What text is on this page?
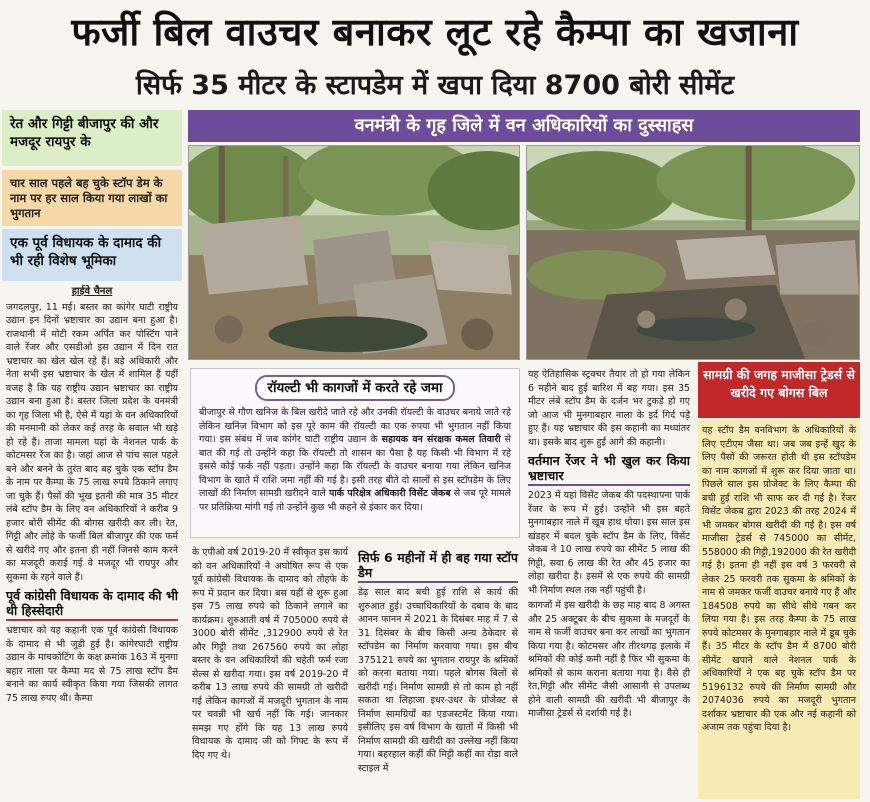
फर्जी बिल वाउचर बनाकर लूट रहे कैम्पा का खजाना
सिर्फ 35 मीटर के स्टापडेम में खपा दिया 8700 बोरी सीमेंट
वनमंत्री के गृह जिले में वन अधिकारियों का दुस्साहस
रेत और गिट्टी बीजापुर की और मजदूर रायपुर के
चार साल पहले बह चुके स्टॉप डेम के नाम पर हर साल किया गया लाखों का भुगतान
एक पूर्व विधायक के दामाद की भी रही विशेष भूमिका
हाईवे चैनल

जगदलपुर, 11 मई। बस्तर का कांगेर घाटी राष्ट्रीय उद्यान इन दिनों भ्रष्टाचार का उद्यान बना हुआ है। राजधानी में मोटी रकम अर्पित कर पोस्टिंग पाने वाले रेंजर और एसडीओ इस उद्यान में दिन रात भ्रष्टाचार का खेल खेल रहे हैं। बड़े अधिकारी और नेता सभी इस भ्रष्टाचार के खेल में शामिल हैं यहीं वजह है कि यह राष्ट्रीय उद्यान भ्रष्टाचार का राष्ट्रीय उद्यान बना हुआ है। बस्तर जिला प्रदेश के वनमंत्री का गृह जिला भी है, ऐसे में यहां के वन अधिकारियों की मनमानी को लेकर कई तरह के सवाल भी खड़े हो रहे हैं। ताजा मामला यहां के नेशनल पार्क के कोटमसर रेंज का है। जहां आज से पांच साल पहले बने और बनने के तुरंत बाद बह चुके एक स्टॉप डैम के नाम पर कैम्पा के 75 लाख रुपये ठिकाने लगाए जा चुके हैं। पैसों की भूख इतनी की मात्र 35 मीटर लंबे स्टॉप डैम के लिए वन अधिकारियों ने करीब 9 हजार बोरी सीमेंट की बोगस खरीदी कर ली। रेत, गिट्टी और लोहे के फर्जी बिल बीजापुर की एक फर्म से खरीदे गए और इतना ही नहीं जिनसे काम करने का मजदूरी कराई गई वे मजदूर भी रायपुर और सुकमा के रहने वाले हैं।

पूर्व कांग्रेसी विधायक के दामाद की भी थी हिस्सेदारी

भ्रष्टाचार को यह कहानी एक पूर्व कांग्रेसी विधायक के दामाद से भी जुड़ी हुई है। कांगेरघाटी राष्ट्रीय उद्यान के माचकोटिंग के कक्ष क्रमांक 163 में मुनगा बहार नाला पर कैम्पा मद से 75 लाख स्टॉप डैम बनाने का कार्य स्वीकृत किया गया जिसकी लागत 75 लाख रुपए थी। कैम्पा

रॉयल्टी भी कागजों में करते रहे जमा

बीजापुर से गौण खनिज के बिल खरीदे जाते रहे और उनकी रॉयल्टी के वाउचर बनाये जाते रहे लेकिन खनिज विभाग को इस पूरे काम की रॉयल्टी का एक रुपया भी भुगतान नहीं किया गया। इस संबंध में जब कांगेर घाटी राष्ट्रीय उद्यान के सहायक वन संरक्षक कमल तिवारी से बात की गई तो उन्होंने कहा कि रॉयल्टी तो शासन का पैसा है यह किसी भी विभाग में रहे इससे कोई फर्क नहीं पड़ता। उन्होंने कहा कि रॉयल्टी के वाउचर बनाया गया लेकिन खनिज विभाग के खाते में राशि जमा नहीं की गई है। इसी तरह बीते दो सालों से इस स्टॉपडेम के लिए लाखों की निर्माण सामग्री खरीदने वाले पार्क परिक्षेत्र अधिकारी विसेंट जेकब से जब पूरे मामले पर प्रतिक्रिया मांगी गई तो उन्होंने कुछ भी कहने से इंकार कर दिया।

के एपीओ वर्ष 2019-20 में स्वीकृत इस कार्य को वन अधिकारियों ने अघोषित रूप से एक पूर्व कांग्रेसी विधायक के दामाद को तोहफे के रूप में प्रदान कर दिया। बस यहीं से शुरू हुआ इस 75 लाख रुपये को ठिकाने लगाने का कार्यक्रम। शुरुआती वर्ष में 705000 रुपये से 3000 बोरी सीमेंट ,312900 रुपये से रेत और गिट्टी तथा 267560 रुपये का लोहा बस्तर के वन अधिकारियों की चहेती फर्म रजा सेल्स से खरीदा गया। इस वर्ष 2019-20 में करीब 13 लाख रुपये की सामग्री तो खरीदी गई लेकिन कागजों में मजदूरी भुगतान के नाम पर चवन्नी भी खर्च नहीं कि गई। जानकार समझ गए होंगे कि यह 13 लाख रुपये विधायक के दामाद जी को गिफ्ट के रूप में दिए गए थे।

सिर्फ 6 महीनों में ही बह गया स्टॉप डैम

डेढ़ साल बाद बची हुई राशि से कार्य की शुरुआत हुई। उच्चाधिकारियों के दबाव के बाद आनन फानन में 2021 के दिसंबर माह में 7 से 31 दिसंबर के बीच किसी अन्य ठेकेदार से स्टॉपडेम का निर्माण करवाया गया। इस बीच 375121 रुपये का भुगतान रायपुर के श्रमिकों को करना बताया गया। पहले बोगस बिलों से खरीदी गई। निर्माण सामग्री से तो काम हो नहीं सकता था लिहाजा इधर-उधर के प्रोजेक्ट से निर्माण सामग्रियों का एडजस्टमेंट किया गया। इसीलिए इस वर्ष विभाग के खातों में किसी भी निर्माण सामग्री की खरीदी का उल्लेख नहीं किया गया। बहरहाल कहीं की मिट्टी कहीं का रोड़ा वाले स्टाइल में

यह ऐतिहासिक स्ट्रक्चर तैयार तो हो गया लेकिन 6 महीने बाद हुई बारिश में बह गया। इस 35 मीटर लंबे स्टॉप डैम के दर्जन भर टुकड़े हो गए जो आज भी मुनगाबहार नाला के इर्द गिर्द पड़े हुए हैं। यह भ्रष्टाचार की इस कहानी का मध्यांतर था। इसके बाद शुरू हुई आगे की कहानी।

वर्तमान रेंजर ने भी खुल कर किया भ्रष्टाचार

2023 में यहां विसेंट जेकब की पदस्थापना पार्क रेंजर के रूप में हुई। उन्होंने भी इस बहते मुनगाबहार नाले में खूब हाथ धोया। इस साल इस खंडहर में बदल चुके स्टॉप डैम के लिए, विसेंट जेकब ने 10 लाख रुपये का सीमेंट 5 लाख की गिट्टी, सवा 6 लाख की रेत और 45 हजार का लोहा खरीदा है। इसमें से एक रुपये की सामग्री भी निर्माण स्थल तक नहीं पहुंची है।

कागजों में इस खरीदी के छह माह बाद 8 अगस्त और 25 अक्टूबर के बीच सुकमा के मजदूरों के नाम से फर्जी वाउचर बना कर लाखों का भुगतान किया गया है। कोटमसर और तीरथगढ़ इलाके में श्रमिकों की कोई कमी नहीं है फिर भी सुकमा के श्रमिकों से काम कराना बताया गया है। वैसे ही रेत,गिट्टी और सीमेंट जैसी आसानी से उपलब्ध होने वाली सामग्री की खरीदी भी बीजापुर के माजीसा ट्रेडर्स से दर्शायी गई है।

सामग्री की जगह माजीसा ट्रेडर्स से खरीदे गए बोगस बिल

यह स्टॉप डैम वनविभाग के अधिकारियों के लिए एटीएम जैसा था। जब जब इन्हें खुद के लिए पैसों की जरूरत होती थी इस स्टॉपडेम का नाम कागजों में शुरू कर दिया जाता था। पिछले साल इस प्रोजेक्ट के लिए कैम्पा की बची हुई राशि भी साफ कर दी गई है। रेंजर विसेंट जेकब द्वारा 2023 की तरह 2024 में भी जमकर बोगस खरीदी की गई है। इस वर्ष माजीसा ट्रेडर्स से 745000 का सीमेंट, 558000 की गिट्टी,192000 की रेत खरीदी गई है। इतना ही नहीं इस वर्ष 3 फरवरी से लेकर 25 फरवरी तक सुकमा के श्रमिकों के नाम से जमकर फर्जी वाउचर बनाये गए हैं और 184508 रुपये का सीधे सीधे गबन कर लिया गया है। इस तरह कैम्पा के 75 लाख रुपये कोटमसर के मुनगाबहार नाले में डूब चुके हैं। 35 मीटर के स्टॉप डैम में 8700 बोरी सीमेंट खपाने वाले नेशनल पार्क के अधिकारियों ने एक बह चुके स्टॉप डैम पर 5196132 रुपये की निर्माण सामग्री और 2074036 रुपये का मजदूरी भुगतान दर्शाकर भ्रष्टाचार की एक और नई कहानी को अंजाम तक पहुंचा दिया है।
